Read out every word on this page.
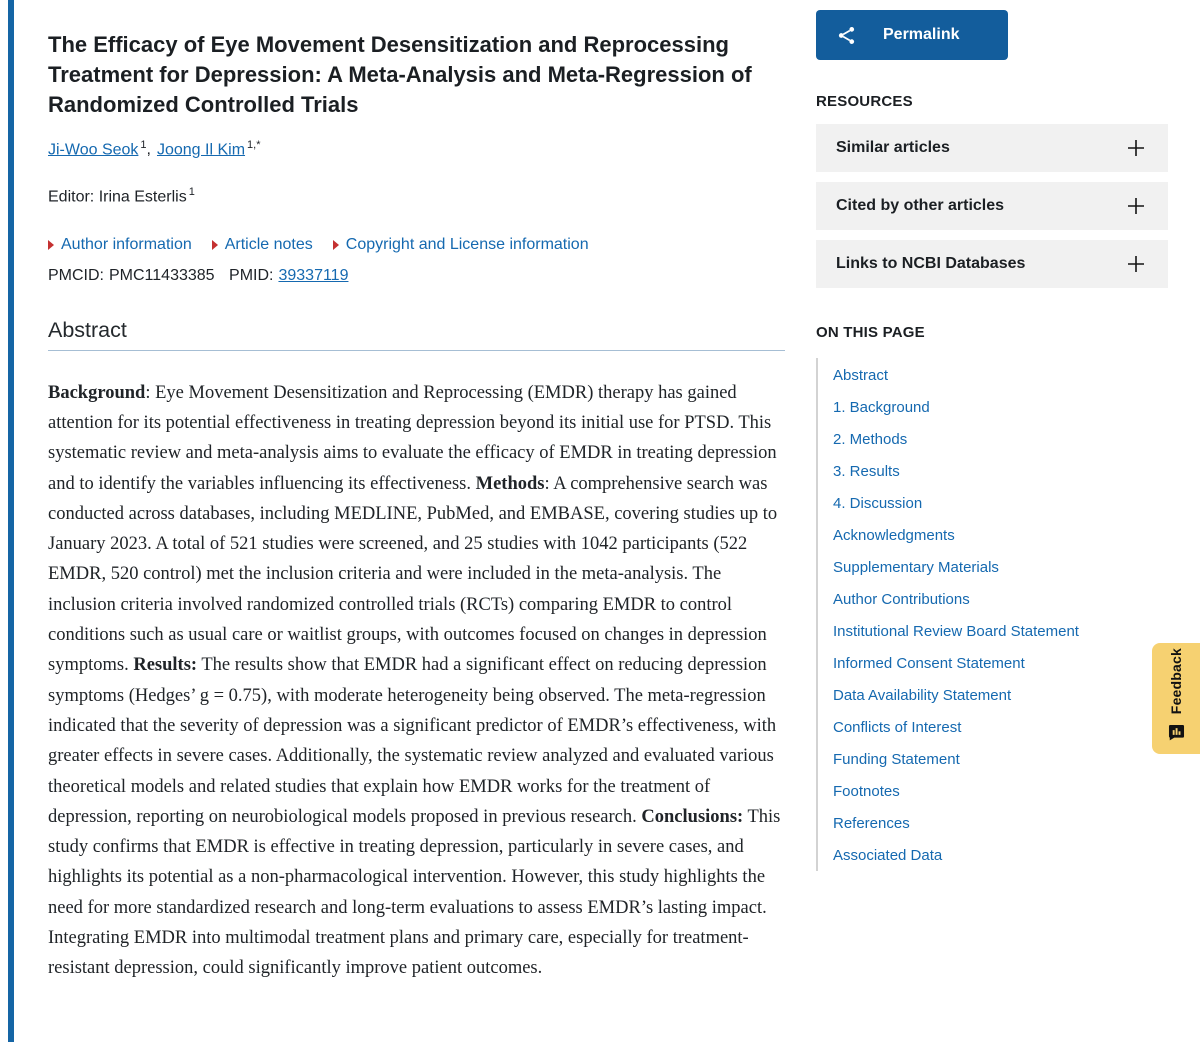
The Efficacy of Eye Movement Desensitization and Reprocessing Treatment for Depression: A Meta-Analysis and Meta-Regression of Randomized Controlled Trials
Ji-Woo Seok $^1$, Joong Il Kim $^{1,*}$
Editor: Irina Esterlis $^1$
Author information Article notes Copyright and License information
PMCID: PMC11433385 PMID: 39337119
Abstract

Background: Eye Movement Desensitization and Reprocessing (EMDR) therapy has gained attention for its potential effectiveness in treating depression beyond its initial use for PTSD. This systematic review and meta-analysis aims to evaluate the efficacy of EMDR in treating depression and to identify the variables influencing its effectiveness. Methods: A comprehensive search was conducted across databases, including MEDLINE, PubMed, and EMBASE, covering studies up to January 2023. A total of 521 studies were screened, and 25 studies with 1042 participants (522 EMDR, 520 control) met the inclusion criteria and were included in the meta-analysis. The inclusion criteria involved randomized controlled trials (RCTs) comparing EMDR to control conditions such as usual care or waitlist groups, with outcomes focused on changes in depression symptoms. Results: The results show that EMDR had a significant effect on reducing depression symptoms (Hedges’ g = 0.75), with moderate heterogeneity being observed. The meta-regression indicated that the severity of depression was a significant predictor of EMDR’s effectiveness, with greater effects in severe cases. Additionally, the systematic review analyzed and evaluated various theoretical models and related studies that explain how EMDR works for the treatment of depression, reporting on neurobiological models proposed in previous research. Conclusions: This study confirms that EMDR is effective in treating depression, particularly in severe cases, and highlights its potential as a non-pharmacological intervention. However, this study highlights the need for more standardized research and long-term evaluations to assess EMDR’s lasting impact. Integrating EMDR into multimodal treatment plans and primary care, especially for treatment-resistant depression, could significantly improve patient outcomes.

Permalink
RESOURCES
Similar articles
Cited by other articles
Links to NCBI Databases
ON THIS PAGE
Abstract
1. Background
2. Methods
3. Results
4. Discussion
Acknowledgments
Supplementary Materials
Author Contributions
Institutional Review Board Statement
Informed Consent Statement
Data Availability Statement
Conflicts of Interest
Funding Statement
Footnotes
References
Associated Data
Feedback
